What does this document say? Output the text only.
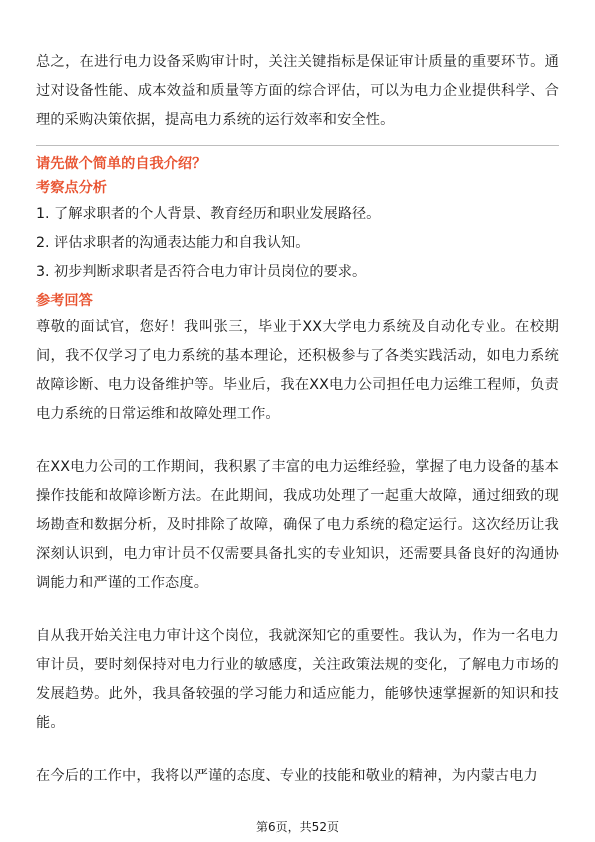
总之，在进行电力设备采购审计时，关注关键指标是保证审计质量的重要环节。通过对设备性能、成本效益和质量等方面的综合评估，可以为电力企业提供科学、合理的采购决策依据，提高电力系统的运行效率和安全性。

请先做个简单的自我介绍？

考察点分析

1. 了解求职者的个人背景、教育经历和职业发展路径。

2. 评估求职者的沟通表达能力和自我认知。

3. 初步判断求职者是否符合电力审计员岗位的要求。

参考回答

尊敬的面试官，您好！我叫张三，毕业于XX大学电力系统及自动化专业。在校期间，我不仅学习了电力系统的基本理论，还积极参与了各类实践活动，如电力系统故障诊断、电力设备维护等。毕业后，我在XX电力公司担任电力运维工程师，负责电力系统的日常运维和故障处理工作。

在XX电力公司的工作期间，我积累了丰富的电力运维经验，掌握了电力设备的基本操作技能和故障诊断方法。在此期间，我成功处理了一起重大故障，通过细致的现场勘查和数据分析，及时排除了故障，确保了电力系统的稳定运行。这次经历让我深刻认识到，电力审计员不仅需要具备扎实的专业知识，还需要具备良好的沟通协调能力和严谨的工作态度。

自从我开始关注电力审计这个岗位，我就深知它的重要性。我认为，作为一名电力审计员，要时刻保持对电力行业的敏感度，关注政策法规的变化，了解电力市场的发展趋势。此外，我具备较强的学习能力和适应能力，能够快速掌握新的知识和技能。

在今后的工作中，我将以严谨的态度、专业的技能和敬业的精神，为内蒙古电力

第6页，共52页
